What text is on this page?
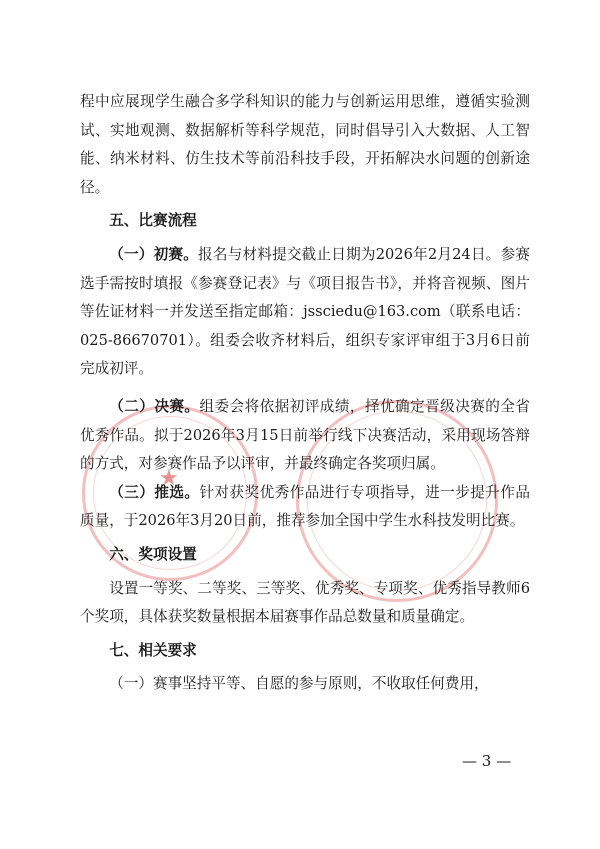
★

程中应展现学生融合多学科知识的能力与创新运用思维，遵循实验测试、实地观测、数据解析等科学规范，同时倡导引入大数据、人工智能、纳米材料、仿生技术等前沿科技手段，开拓解决水问题的创新途径。

五、比赛流程

（一）初赛。报名与材料提交截止日期为2026年2月24日。参赛选手需按时填报《参赛登记表》与《项目报告书》，并将音视频、图片等佐证材料一并发送至指定邮箱：jssciedu@163.com（联系电话：025-86670701）。组委会收齐材料后，组织专家评审组于3月6日前完成初评。

（二）决赛。组委会将依据初评成绩，择优确定晋级决赛的全省优秀作品。拟于2026年3月15日前举行线下决赛活动，采用现场答辩的方式，对参赛作品予以评审，并最终确定各奖项归属。

（三）推选。针对获奖优秀作品进行专项指导，进一步提升作品质量，于2026年3月20日前，推荐参加全国中学生水科技发明比赛。

六、奖项设置

设置一等奖、二等奖、三等奖、优秀奖、专项奖、优秀指导教师6个奖项，具体获奖数量根据本届赛事作品总数量和质量确定。

七、相关要求

（一）赛事坚持平等、自愿的参与原则，不收取任何费用，

— 3 —
